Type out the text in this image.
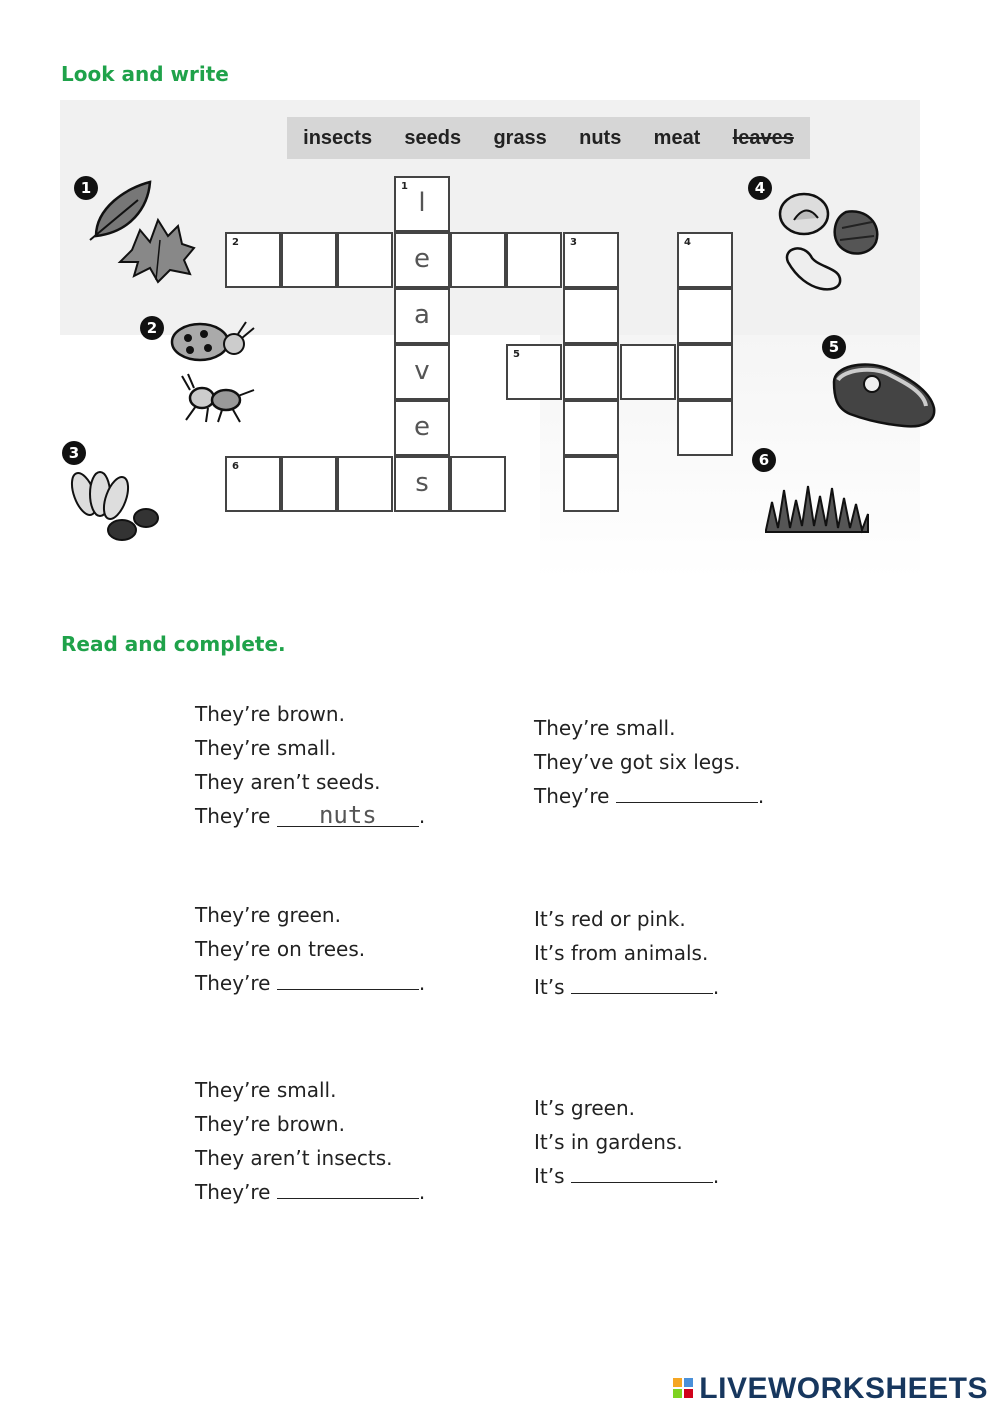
Look and write
insects seeds grass nuts meat leaves
1
l
e
a
v
e
s
2	3	4
5
6
1
2
3
4
5
6
Read and complete.
They’re brown.
They’re small.
They aren’t seeds.
They’re nuts .
They’re small.
They’ve got six legs.
They’re	.
They’re green.
They’re on trees.
They’re	.
It’s red or pink.
It’s from animals.
It’s	.
They’re small.
They’re brown.
They aren’t insects.
They’re	.
It’s green.
It’s in gardens.
It’s	.
LIVEWORKSHEETS
